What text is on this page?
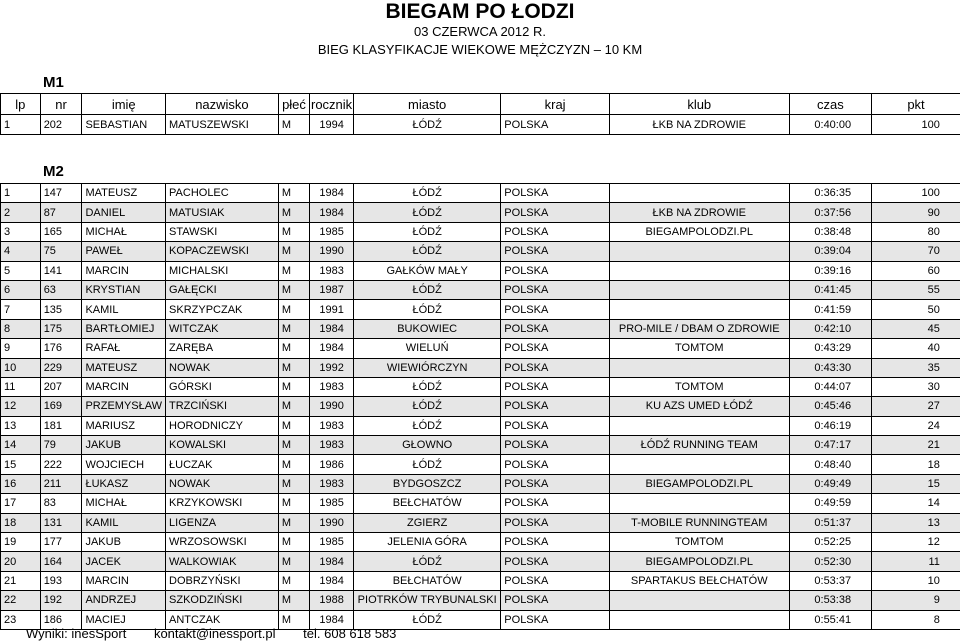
BIEGAM PO ŁODZI
03 CZERWCA 2012 R.
BIEG KLASYFIKACJE WIEKOWE MĘŻCZYZN – 10 KM
M1
lp	nr	imię	nazwisko	płeć	rocznik	miasto	kraj	klub	czas	pkt
1	202	SEBASTIAN	MATUSZEWSKI	M	1994	ŁÓDŹ	POLSKA	ŁKB NA ZDROWIE	0:40:00	100
M2
1	147	MATEUSZ	PACHOLEC	M	1984	ŁÓDŹ	POLSKA		0:36:35	100
2	87	DANIEL	MATUSIAK	M	1984	ŁÓDŹ	POLSKA	ŁKB NA ZDROWIE	0:37:56	90
3	165	MICHAŁ	STAWSKI	M	1985	ŁÓDŹ	POLSKA	BIEGAMPOLODZI.PL	0:38:48	80
4	75	PAWEŁ	KOPACZEWSKI	M	1990	ŁÓDŹ	POLSKA		0:39:04	70
5	141	MARCIN	MICHALSKI	M	1983	GAŁKÓW MAŁY	POLSKA		0:39:16	60
6	63	KRYSTIAN	GAŁĘCKI	M	1987	ŁÓDŹ	POLSKA		0:41:45	55
7	135	KAMIL	SKRZYPCZAK	M	1991	ŁÓDŹ	POLSKA		0:41:59	50
8	175	BARTŁOMIEJ	WITCZAK	M	1984	BUKOWIEC	POLSKA	PRO-MILE / DBAM O ZDROWIE	0:42:10	45
9	176	RAFAŁ	ZARĘBA	M	1984	WIELUŃ	POLSKA	TOMTOM	0:43:29	40
10	229	MATEUSZ	NOWAK	M	1992	WIEWIÓRCZYN	POLSKA		0:43:30	35
11	207	MARCIN	GÓRSKI	M	1983	ŁÓDŹ	POLSKA	TOMTOM	0:44:07	30
12	169	PRZEMYSŁAW	TRZCIŃSKI	M	1990	ŁÓDŹ	POLSKA	KU AZS UMED ŁÓDŹ	0:45:46	27
13	181	MARIUSZ	HORODNICZY	M	1983	ŁÓDŹ	POLSKA		0:46:19	24
14	79	JAKUB	KOWALSKI	M	1983	GŁOWNO	POLSKA	ŁÓDŹ RUNNING TEAM	0:47:17	21
15	222	WOJCIECH	ŁUCZAK	M	1986	ŁÓDŹ	POLSKA		0:48:40	18
16	211	ŁUKASZ	NOWAK	M	1983	BYDGOSZCZ	POLSKA	BIEGAMPOLODZI.PL	0:49:49	15
17	83	MICHAŁ	KRZYKOWSKI	M	1985	BEŁCHATÓW	POLSKA		0:49:59	14
18	131	KAMIL	LIGENZA	M	1990	ZGIERZ	POLSKA	T-MOBILE RUNNINGTEAM	0:51:37	13
19	177	JAKUB	WRZOSOWSKI	M	1985	JELENIA GÓRA	POLSKA	TOMTOM	0:52:25	12
20	164	JACEK	WALKOWIAK	M	1984	ŁÓDŹ	POLSKA	BIEGAMPOLODZI.PL	0:52:30	11
21	193	MARCIN	DOBRZYŃSKI	M	1984	BEŁCHATÓW	POLSKA	SPARTAKUS BEŁCHATÓW	0:53:37	10
22	192	ANDRZEJ	SZKODZIŃSKI	M	1988	PIOTRKÓW TRYBUNALSKI	POLSKA		0:53:38	9
23	186	MACIEJ	ANTCZAK	M	1984	ŁÓDŹ	POLSKA		0:55:41	8
Wyniki: inesSport kontakt@inessport.pl tel. 608 618 583
